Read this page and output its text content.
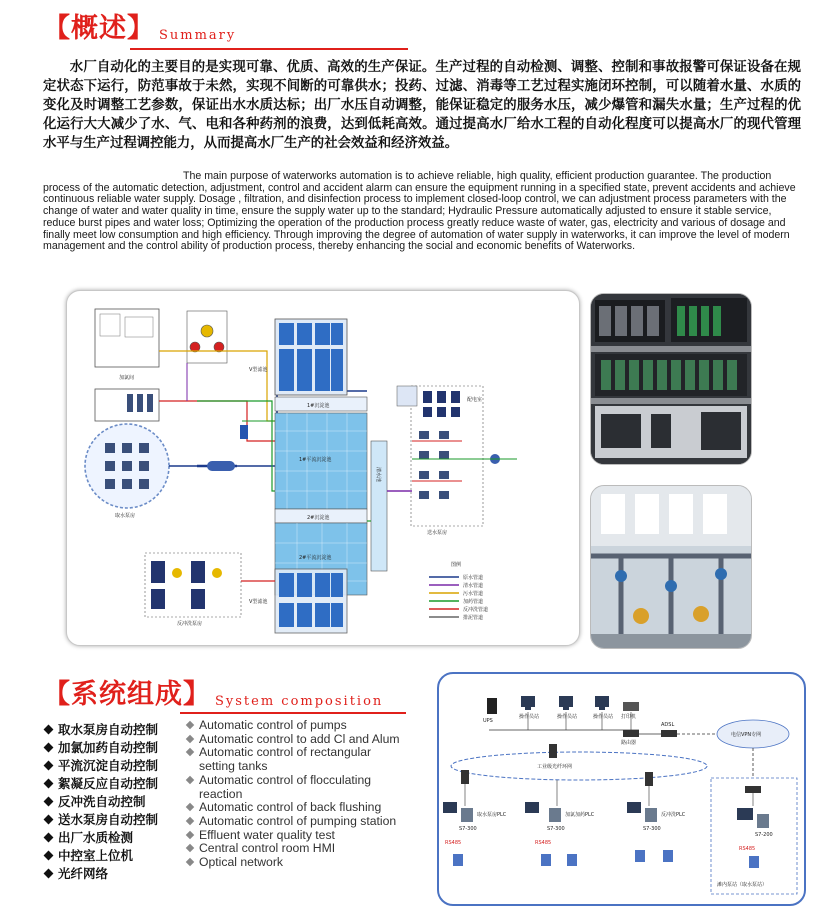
【概述】 Summary
水厂自动化的主要目的是实现可靠、优质、高效的生产保证。生产过程的自动检测、调整、控制和事故报警可保证设备在规定状态下运行，防范事故于未然，实现不间断的可靠供水；投药、过滤、消毒等工艺过程实施闭环控制，可以随着水量、水质的变化及时调整工艺参数，保证出水水质达标；出厂水压自动调整，能保证稳定的服务水压，减少爆管和漏失水量；生产过程的优化运行大大减少了水、气、电和各种药剂的浪费，达到低耗高效。通过提高水厂给水工程的自动化程度可以提高水厂的现代管理水平与生产过程调控能力，从而提高水厂生产的社会效益和经济效益。
The main purpose of waterworks automation is to achieve reliable, high quality, efficient production guarantee. The production process of the automatic detection, adjustment, control and accident alarm can ensure the equipment running in a specified state, prevent accidents and achieve continuous reliable water supply. Dosage , filtration, and disinfection process to implement closed-loop control, we can adjustment process parameters with the change of water and water quality in time, ensure the supply water up to the standard; Hydraulic Pressure automatically adjusted to ensure it stable service, reduce burst pipes and water loss; Optimizing the operation of the production process greatly reduce waste of water, gas, electricity and various of dosage and finally meet low consumption and high efficiency. Through improving the degree of automation of water supply in waterworks, it can improve the level of modern management and the control ability of production process, thereby enhancing the social and economic benefits of Waterworks.
加氯间
取水泵房
V型滤池
1#沉淀池
1#平流沉淀池
2#沉淀池
2#平流沉淀池
V型滤池
清水池
配电室
送水泵房
反冲洗泵房
图例
原水管道
清水管道
污水管道
加药管道
反冲洗管道
排泥管道
【系统组成】 System composition
取水泵房自动控制
加氯加药自动控制
平流沉淀自动控制
絮凝反应自动控制
反冲洗自动控制
送水泵房自动控制
出厂水质检测
中控室上位机
光纤网络
Automatic control of pumps
Automatic control to add Cl and Alum
Automatic control of rectangular setting tanks
Automatic control of flocculating reaction
Automatic control of back flushing
Automatic control of pumping station
Effluent water quality test
Central control room HMI
Optical network
UPS
操作员站	操作员站	操作员站 打印机
路由器
ADSL
电信VPN专网
工业级光纤环网
S7-300	S7-300	S7-300
取水泵房PLC	加氯加药PLC	反冲洗PLC
RS485	RS485
S7-200
RS485
滩内泵站（取水泵站）
